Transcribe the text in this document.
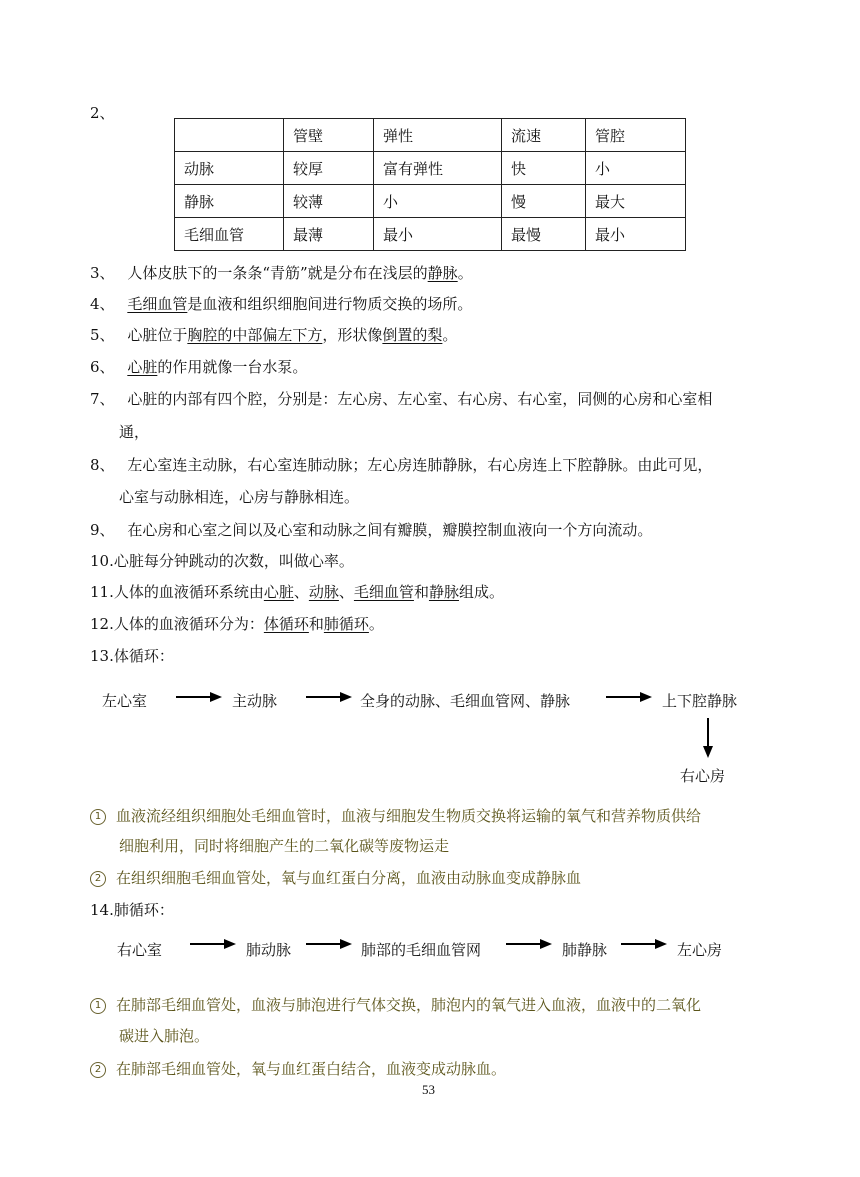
2、
	管壁	弹性	流速	管腔
动脉	较厚	富有弹性	快	小
静脉	较薄	小	慢	最大
毛细血管	最薄	最小	最慢	最小
3、 人体皮肤下的一条条“青筋”就是分布在浅层的静脉。
4、 毛细血管是血液和组织细胞间进行物质交换的场所。
5、 心脏位于胸腔的中部偏左下方，形状像倒置的梨。
6、 心脏的作用就像一台水泵。
7、 心脏的内部有四个腔，分别是：左心房、左心室、右心房、右心室，同侧的心房和心室相
通，
8、 左心室连主动脉，右心室连肺动脉；左心房连肺静脉，右心房连上下腔静脉。由此可见，
心室与动脉相连，心房与静脉相连。
9、 在心房和心室之间以及心室和动脉之间有瓣膜，瓣膜控制血液向一个方向流动。
10.心脏每分钟跳动的次数，叫做心率。
11.人体的血液循环系统由心脏、动脉、毛细血管和静脉组成。
12.人体的血液循环分为：体循环和肺循环。
13.体循环：
左心室	主动脉	全身的动脉、毛细血管网、静脉	上下腔静脉
右心房
1 血液流经组织细胞处毛细血管时，血液与细胞发生物质交换将运输的氧气和营养物质供给
细胞利用，同时将细胞产生的二氧化碳等废物运走
2 在组织细胞毛细血管处，氧与血红蛋白分离，血液由动脉血变成静脉血
14.肺循环：
右心室	肺动脉	肺部的毛细血管网	肺静脉	左心房
1 在肺部毛细血管处，血液与肺泡进行气体交换，肺泡内的氧气进入血液，血液中的二氧化
碳进入肺泡。
2 在肺部毛细血管处，氧与血红蛋白结合，血液变成动脉血。
53
